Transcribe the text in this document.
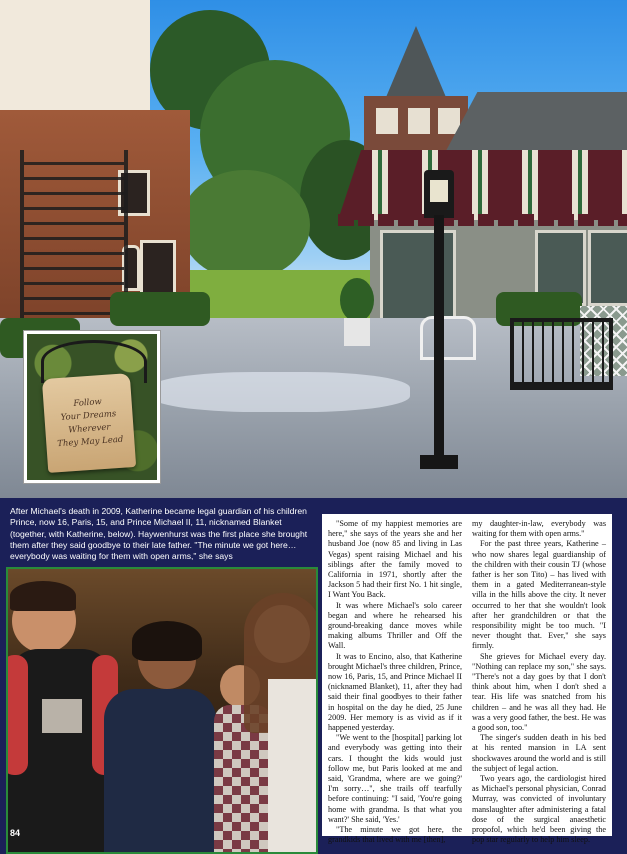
Follow
Your Dreams
Wherever
They May Lead

After Michael's death in 2009, Katherine became legal guardian of his children Prince, now 16, Paris, 15, and Prince Michael II, 11, nicknamed Blanket (together, with Katherine, below). Haywenhurst was the first place she brought them after they said goodbye to their late father. "The minute we got here… everybody was waiting for them with open arms," she says

84

"Some of my happiest memories are here," she says of the years she and her husband Joe (now 85 and living in Las Vegas) spent raising Michael and his siblings after the family moved to California in 1971, shortly after the Jackson 5 had their first No. 1 hit single, I Want You Back.

It was where Michael's solo career began and where he rehearsed his ground-breaking dance moves while making albums Thriller and Off the Wall.

It was to Encino, also, that Katherine brought Michael's three children, Prince, now 16, Paris, 15, and Prince Michael II (nicknamed Blanket), 11, after they had said their final goodbyes to their father in hospital on the day he died, 25 June 2009. Her memory is as vivid as if it happened yesterday.

"We went to the [hospital] parking lot and everybody was getting into their cars. I thought the kids would just follow me, but Paris looked at me and said, 'Grandma, where are we going?' I'm sorry…", she trails off tearfully before continuing: "I said, 'You're going home with grandma. Is that what you want?' She said, 'Yes.'

"The minute we got here, the grandkids that lived with me [then],

my daughter-in-law, everybody was waiting for them with open arms."

For the past three years, Katherine – who now shares legal guardianship of the children with their cousin TJ (whose father is her son Tito) – has lived with them in a gated Mediterranean-style villa in the hills above the city. It never occurred to her that she wouldn't look after her grandchildren or that the responsibility might be too much. "I never thought that. Ever," she says firmly.

She grieves for Michael every day. "Nothing can replace my son," she says. "There's not a day goes by that I don't think about him, when I don't shed a tear. His life was snatched from his children – and he was all they had. He was a very good father, the best. He was a good son, too."

The singer's sudden death in his bed at his rented mansion in LA sent shockwaves around the world and is still the subject of legal action.

Two years ago, the cardiologist hired as Michael's personal physician, Conrad Murray, was convicted of involuntary manslaughter after administering a fatal dose of the surgical anaesthetic propofol, which he'd been giving the pop star regularly to help him sleep.
